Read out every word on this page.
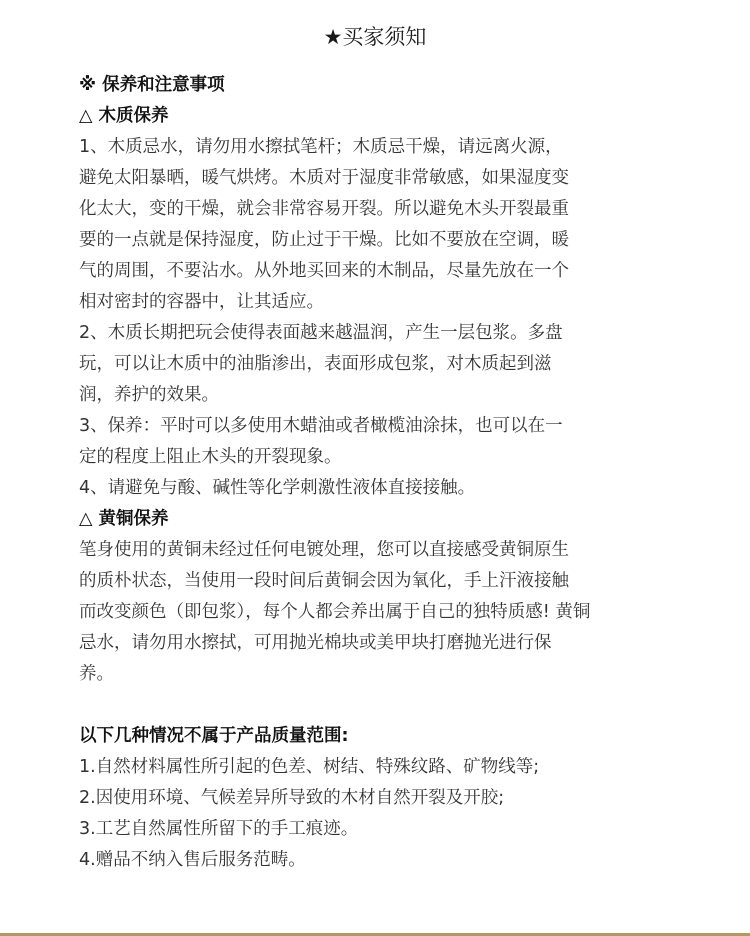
★买家须知
※ 保养和注意事项
△ 木质保养
1、木质忌水，请勿用水擦拭笔杆；木质忌干燥，请远离火源，
避免太阳暴晒，暖气烘烤。木质对于湿度非常敏感，如果湿度变
化太大，变的干燥，就会非常容易开裂。所以避免木头开裂最重
要的一点就是保持湿度，防止过于干燥。比如不要放在空调，暖
气的周围，不要沾水。从外地买回来的木制品，尽量先放在一个
相对密封的容器中，让其适应。
2、木质长期把玩会使得表面越来越温润，产生一层包浆。多盘
玩，可以让木质中的油脂渗出，表面形成包浆，对木质起到滋
润，养护的效果。
3、保养：平时可以多使用木蜡油或者橄榄油涂抹，也可以在一
定的程度上阻止木头的开裂现象。
4、请避免与酸、碱性等化学刺激性液体直接接触。
△ 黄铜保养
笔身使用的黄铜未经过任何电镀处理，您可以直接感受黄铜原生
的质朴状态，当使用一段时间后黄铜会因为氧化，手上汗液接触
而改变颜色（即包浆），每个人都会养出属于自己的独特质感! 黄铜
忌水，请勿用水擦拭，可用抛光棉块或美甲块打磨抛光进行保
养。
以下几种情况不属于产品质量范围:
1.自然材料属性所引起的色差、树结、特殊纹路、矿物线等;
2.因使用环境、气候差异所导致的木材自然开裂及开胶;
3.工艺自然属性所留下的手工痕迹。
4.赠品不纳入售后服务范畴。
